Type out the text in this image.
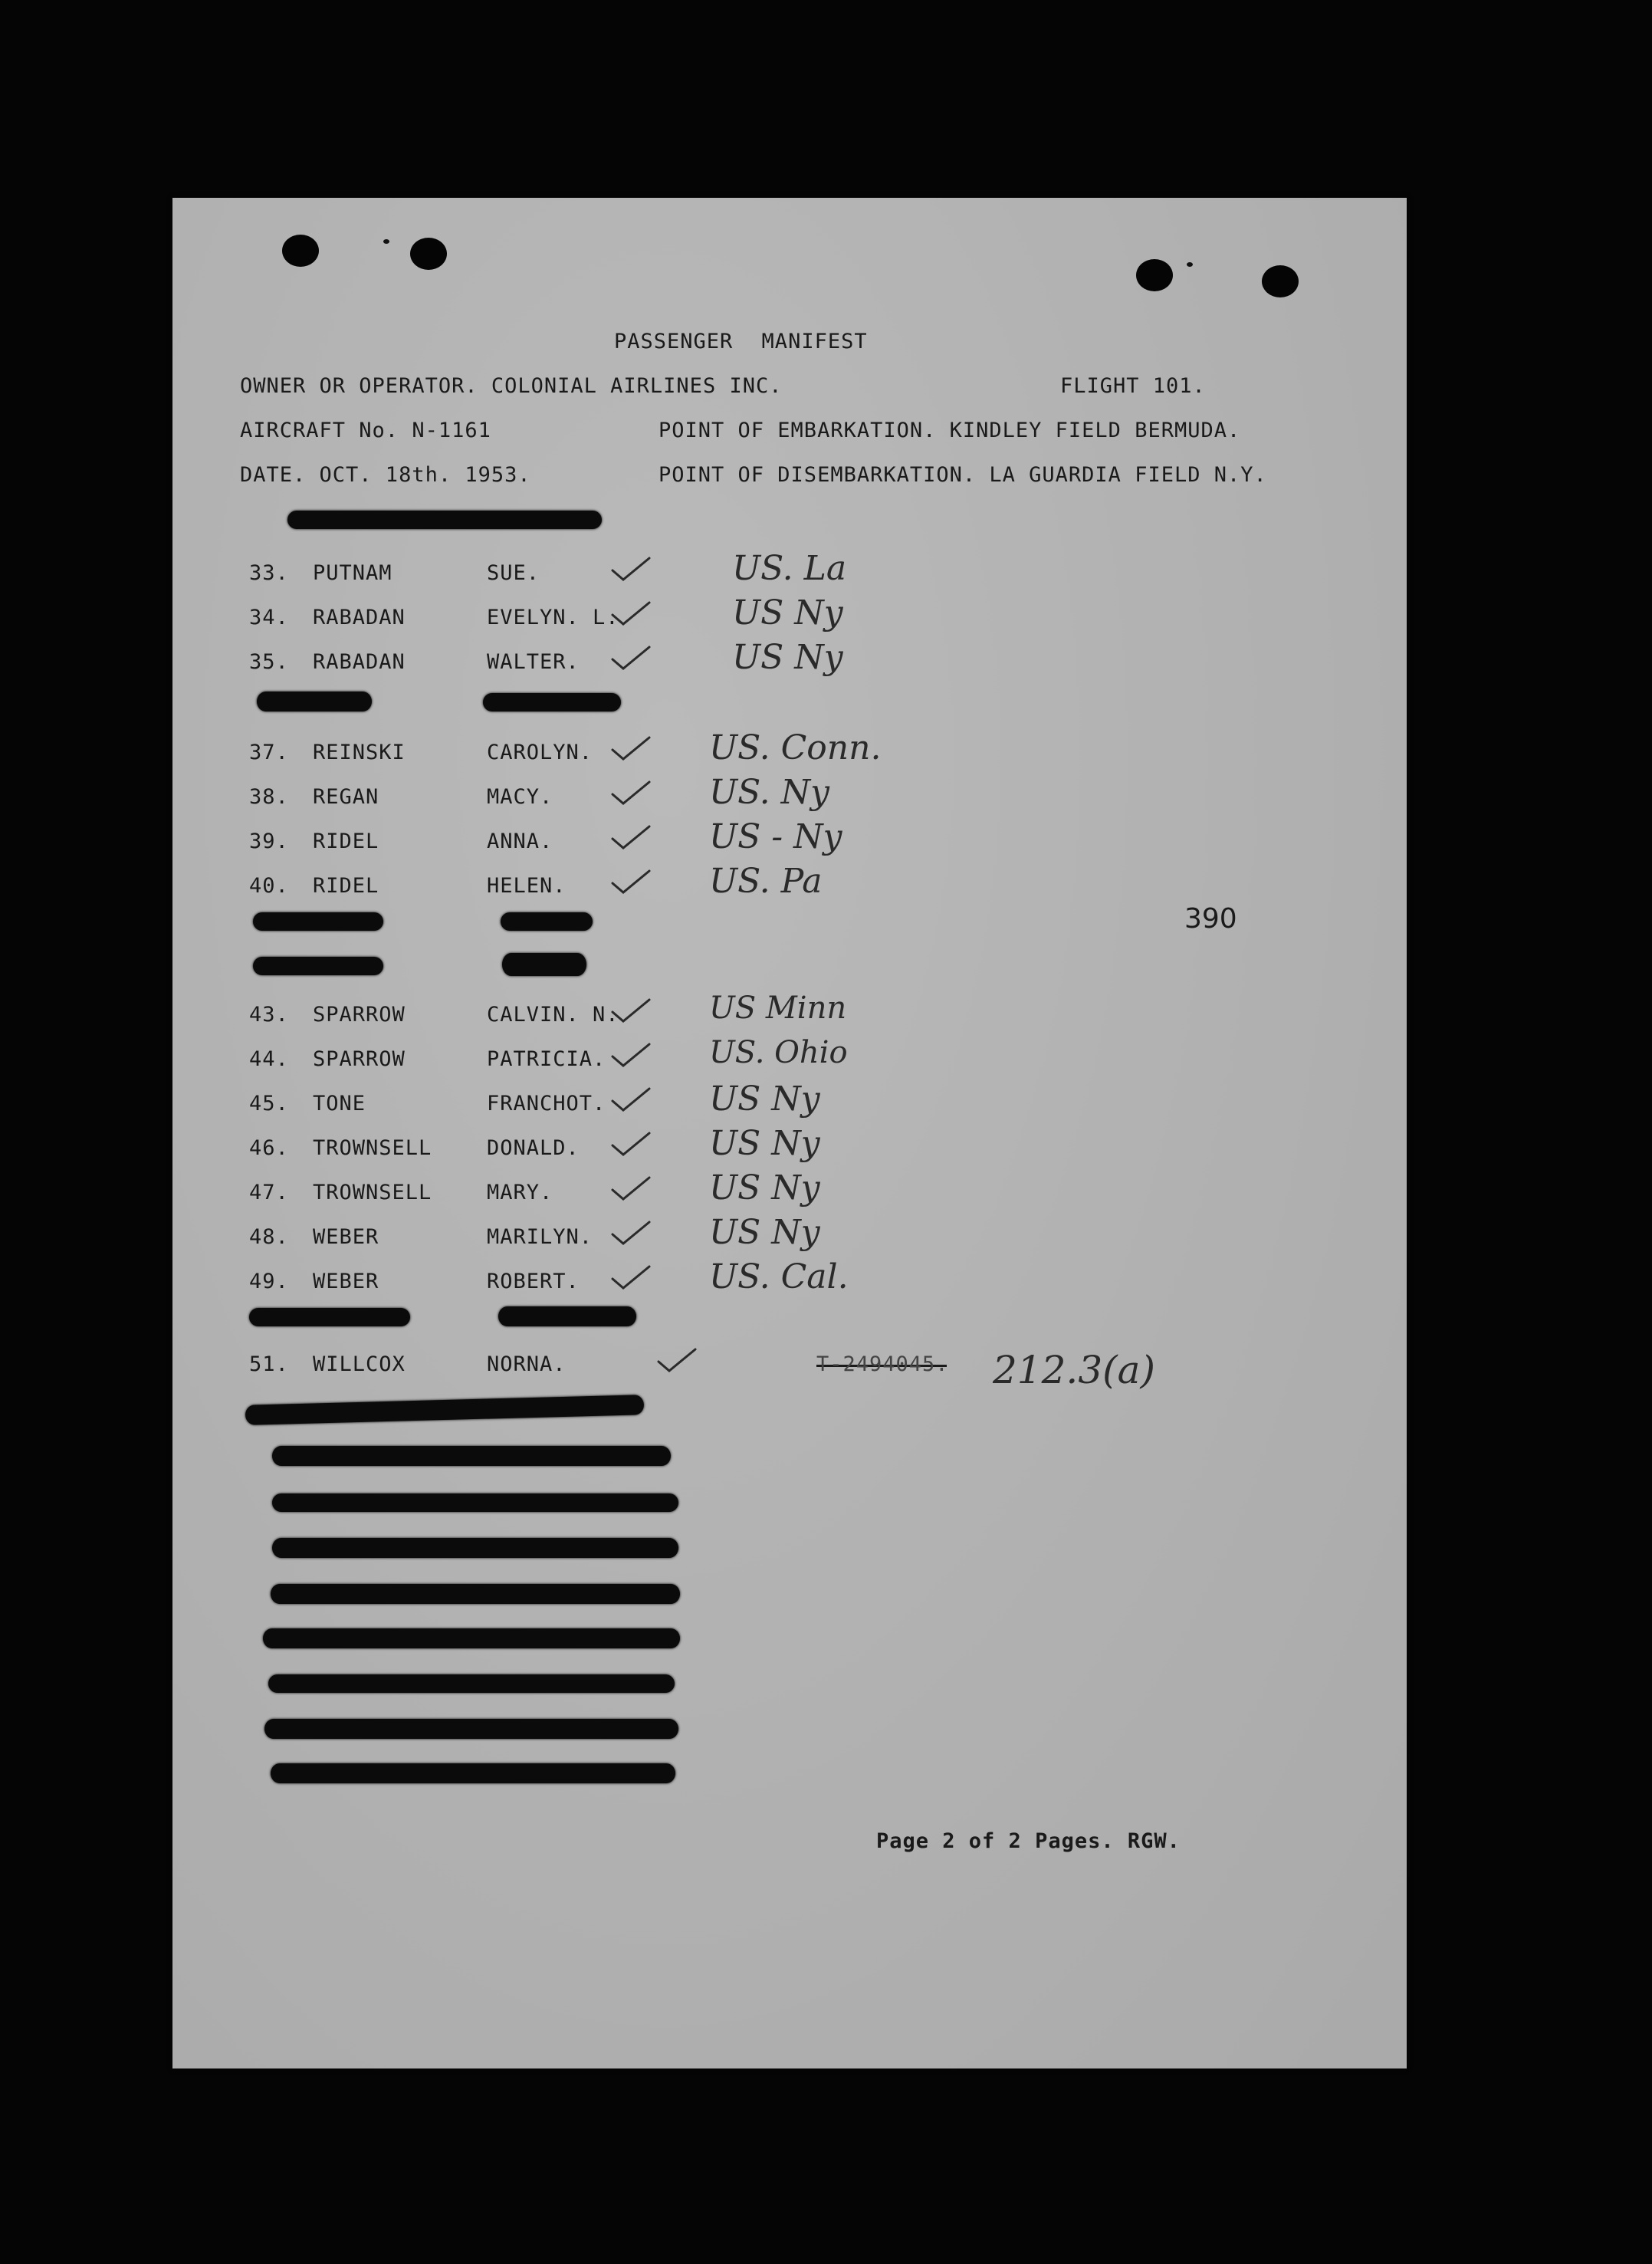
PASSENGER MANIFEST
OWNER OR OPERATOR. COLONIAL AIRLINES INC.	FLIGHT 101.
AIRCRAFT No. N-1161	POINT OF EMBARKATION. KINDLEY FIELD BERMUDA.
DATE. OCT. 18th. 1953.	POINT OF DISEMBARKATION. LA GUARDIA FIELD N.Y.
33. PUTNAM	SUE.	US. La
34. RABADAN	EVELYN. L.	US Ny
35. RABADAN	WALTER.	US Ny
37. REINSKI	CAROLYN.	US. Conn.
38. REGAN	MACY.	US. Ny
39. RIDEL	ANNA.	US - Ny
40. RIDEL	HELEN.	US. Pa
43. SPARROW	CALVIN. N.	US Minn
44. SPARROW	PATRICIA.	US. Ohio
45. TONE	FRANCHOT.	US Ny
46. TROWNSELL	DONALD.	US Ny
47. TROWNSELL	MARY.	US Ny
48. WEBER	MARILYN.	US Ny
49. WEBER	ROBERT.	US. Cal.
51. WILLCOX	NORNA.	T-2494045. 212.3(a)
390
Page 2 of 2 Pages. RGW.
